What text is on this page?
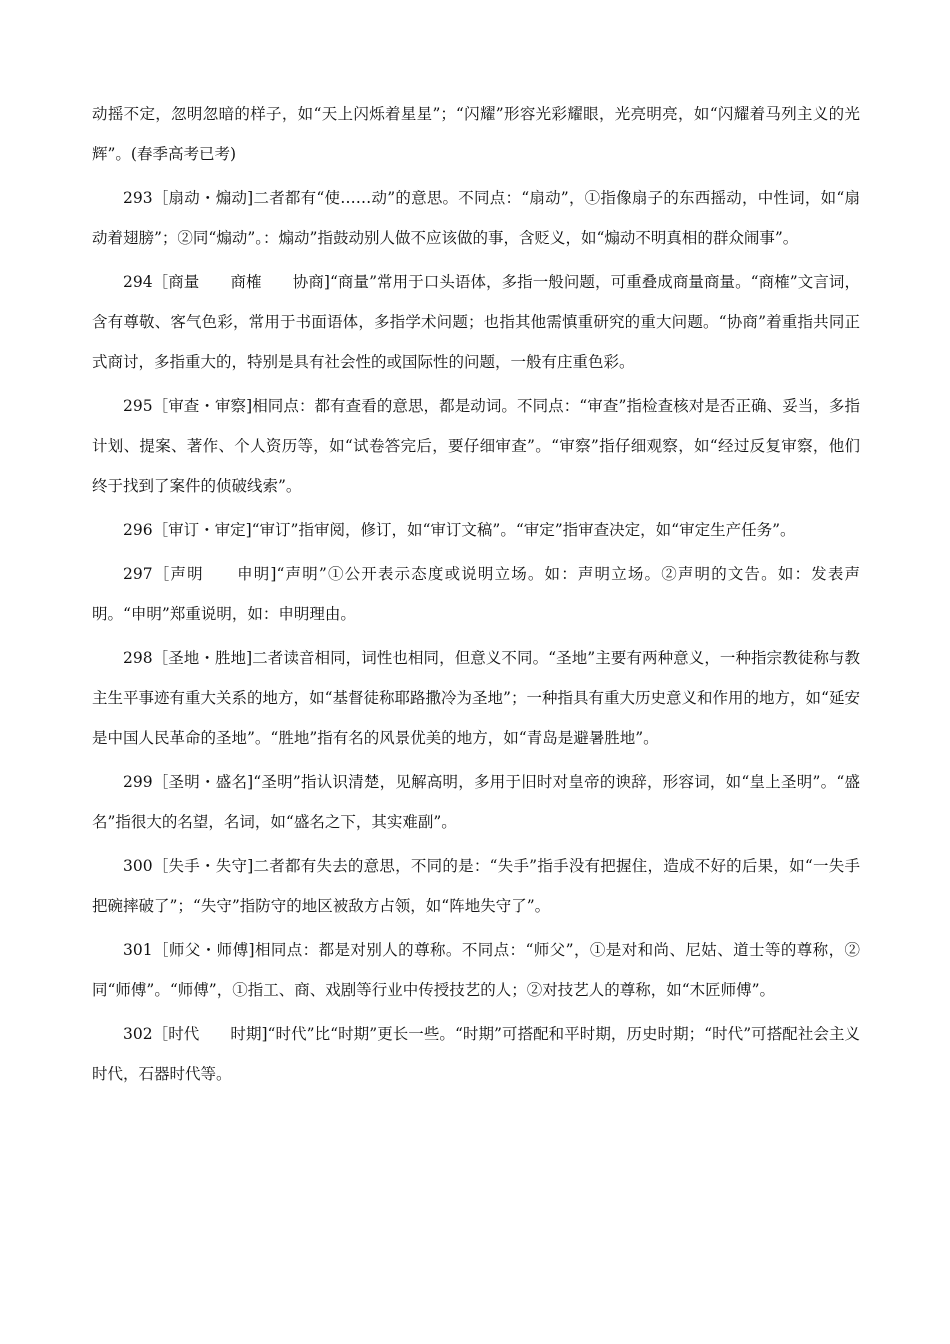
动摇不定，忽明忽暗的样子，如“天上闪烁着星星”；“闪耀”形容光彩耀眼，光亮明亮，如“闪耀着马列主义的光辉”。(春季高考已考)

293［扇动・煽动]二者都有“使……动”的意思。不同点：“扇动”，①指像扇子的东西摇动，中性词，如“扇动着翅膀”；②同“煽动”。：煽动”指鼓动别人做不应该做的事，含贬义，如“煽动不明真相的群众闹事”。

294［商量　　商榷　　协商]“商量”常用于口头语体，多指一般问题，可重叠成商量商量。“商榷”文言词，含有尊敬、客气色彩，常用于书面语体，多指学术问题；也指其他需慎重研究的重大问题。“协商”着重指共同正式商讨，多指重大的，特别是具有社会性的或国际性的问题，一般有庄重色彩。

295［审查・审察]相同点：都有查看的意思，都是动词。不同点：“审查”指检查核对是否正确、妥当，多指计划、提案、著作、个人资历等，如“试卷答完后，要仔细审查”。“审察”指仔细观察，如“经过反复审察，他们终于找到了案件的侦破线索”。

296［审订・审定]“审订”指审阅，修订，如“审订文稿”。“审定”指审查决定，如“审定生产任务”。

297［声明　　申明]“声明”①公开表示态度或说明立场。如：声明立场。②声明的文告。如：发表声明。“申明”郑重说明，如：申明理由。

298［圣地・胜地]二者读音相同，词性也相同，但意义不同。“圣地”主要有两种意义，一种指宗教徒称与教主生平事迹有重大关系的地方，如“基督徒称耶路撒冷为圣地”；一种指具有重大历史意义和作用的地方，如“延安是中国人民革命的圣地”。“胜地”指有名的风景优美的地方，如“青岛是避暑胜地”。

299［圣明・盛名]“圣明”指认识清楚，见解高明，多用于旧时对皇帝的谀辞，形容词，如“皇上圣明”。“盛名”指很大的名望，名词，如“盛名之下，其实难副”。

300［失手・失守]二者都有失去的意思，不同的是：“失手”指手没有把握住，造成不好的后果，如“一失手把碗摔破了”；“失守”指防守的地区被敌方占领，如“阵地失守了”。

301［师父・师傅]相同点：都是对别人的尊称。不同点：“师父”，①是对和尚、尼姑、道士等的尊称，②同“师傅”。“师傅”，①指工、商、戏剧等行业中传授技艺的人；②对技艺人的尊称，如“木匠师傅”。

302［时代　　时期]“时代”比“时期”更长一些。“时期”可搭配和平时期，历史时期；“时代”可搭配社会主义时代，石器时代等。
